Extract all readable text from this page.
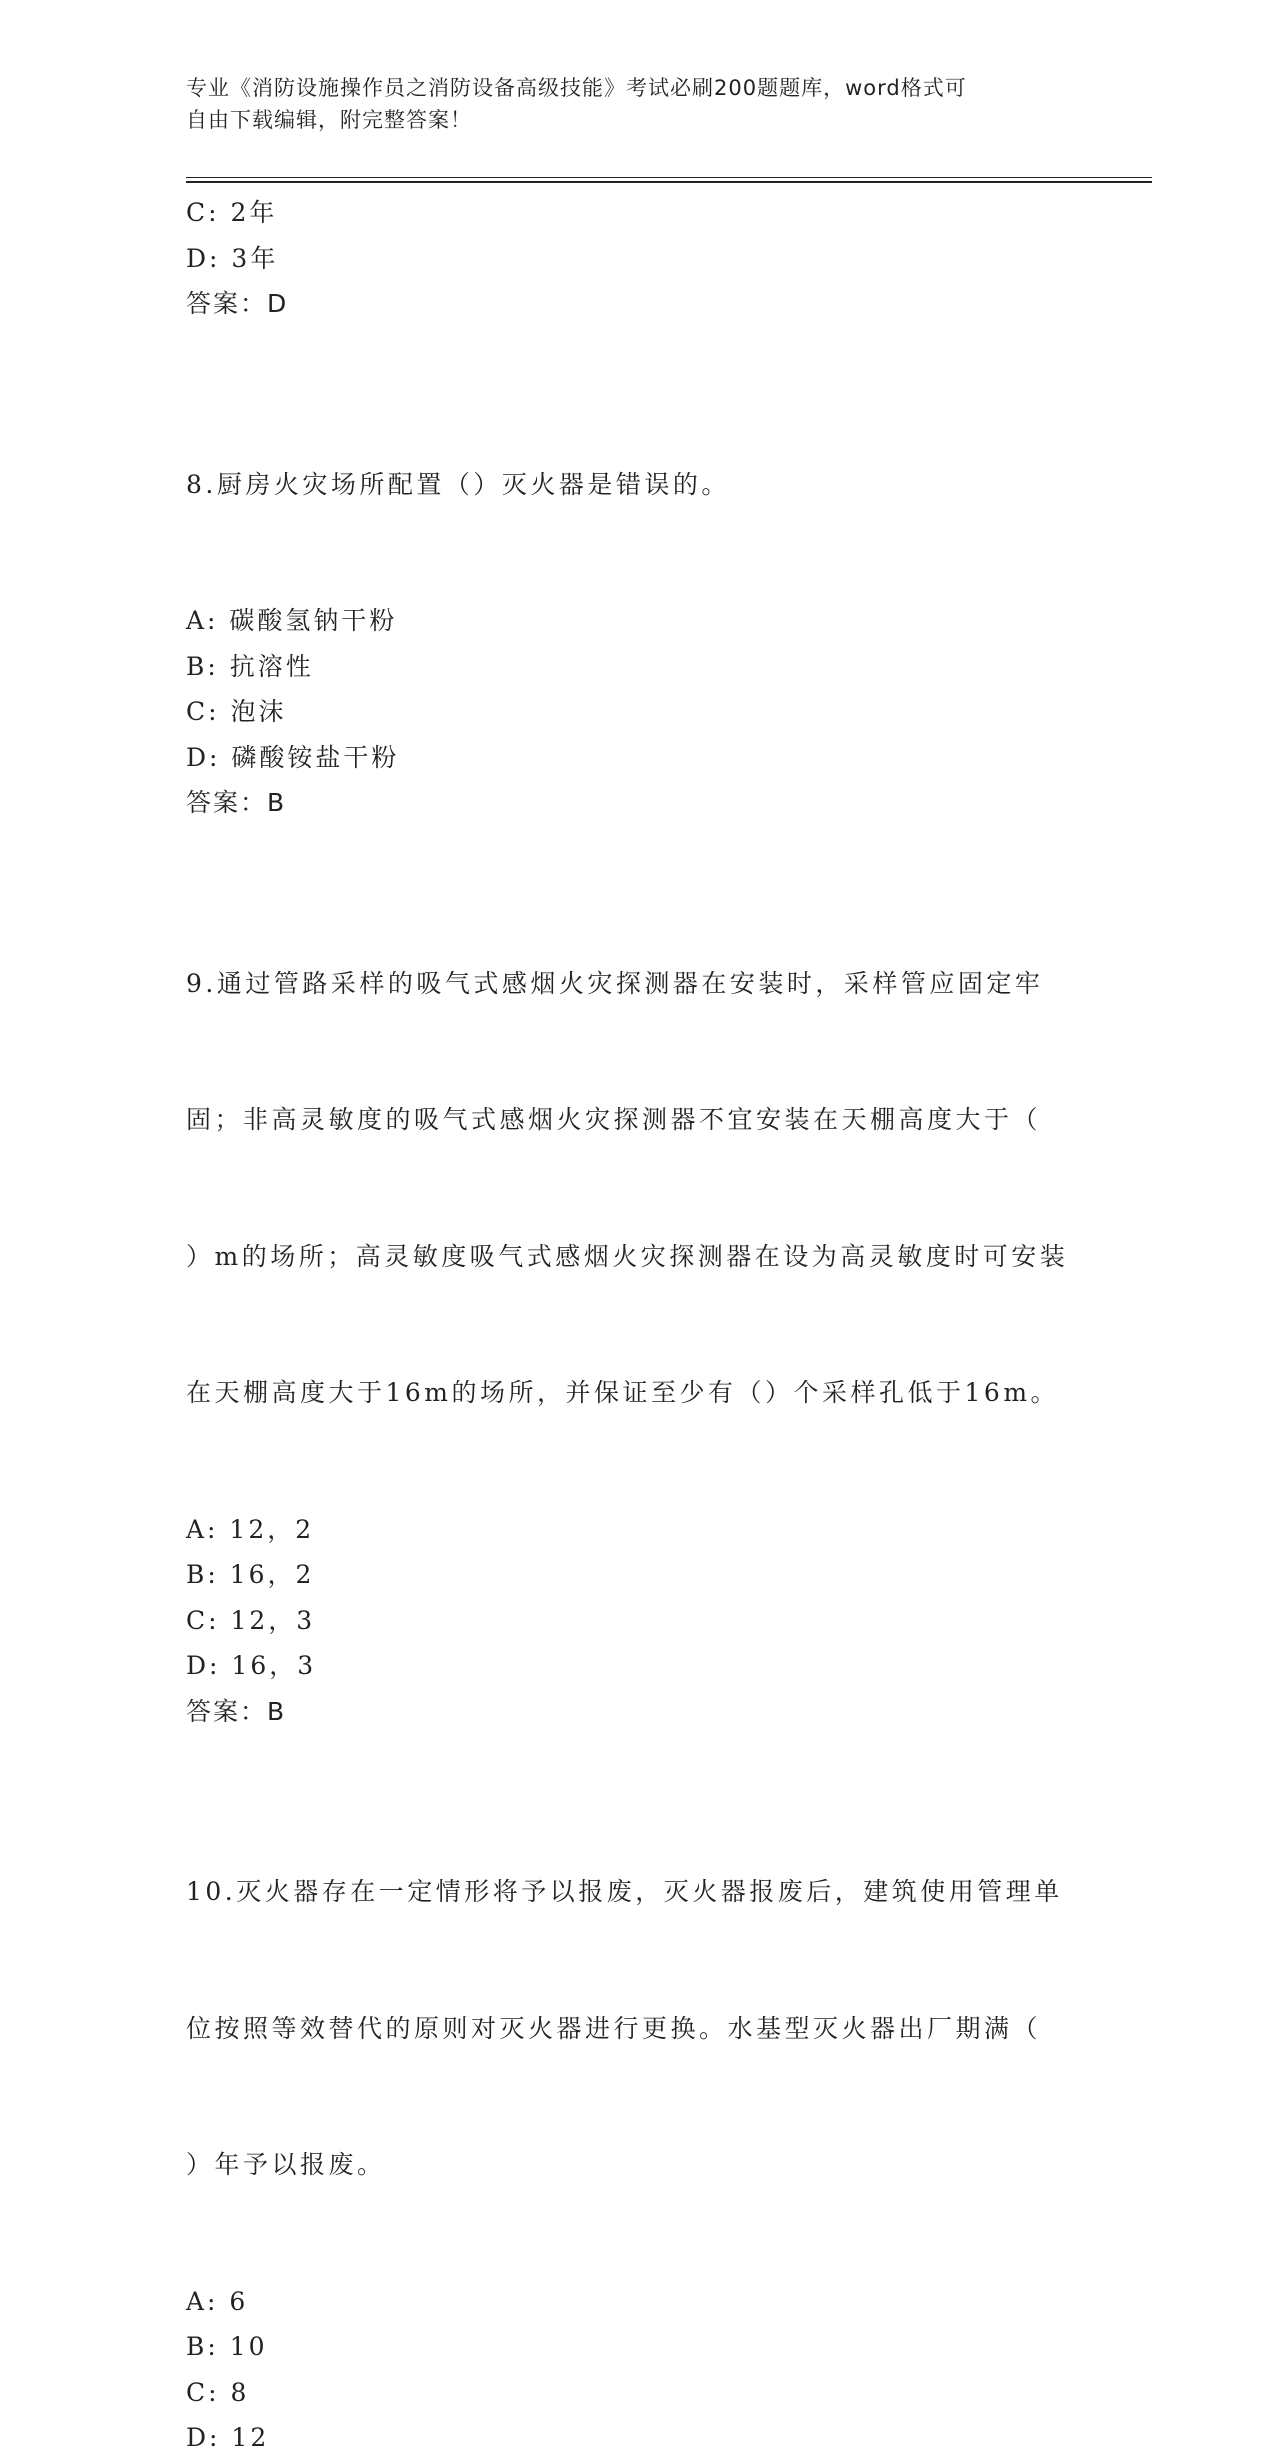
专业《消防设施操作员之消防设备高级技能》考试必刷200题题库，word格式可
自由下载编辑，附完整答案！
C: 2年
D: 3年
答案：D

8.厨房火灾场所配置（）灭火器是错误的。

A: 碳酸氢钠干粉
B: 抗溶性
C: 泡沫
D: 磷酸铵盐干粉
答案：B

9.通过管路采样的吸气式感烟火灾探测器在安装时，采样管应固定牢

固；非高灵敏度的吸气式感烟火灾探测器不宜安装在天棚高度大于（

）m的场所；高灵敏度吸气式感烟火灾探测器在设为高灵敏度时可安装

在天棚高度大于16m的场所，并保证至少有（）个采样孔低于16m。

A: 12，2
B: 16，2
C: 12，3
D: 16，3
答案：B

10.灭火器存在一定情形将予以报废，灭火器报废后，建筑使用管理单

位按照等效替代的原则对灭火器进行更换。水基型灭火器出厂期满（

）年予以报废。

A: 6
B: 10
C: 8
D: 12
